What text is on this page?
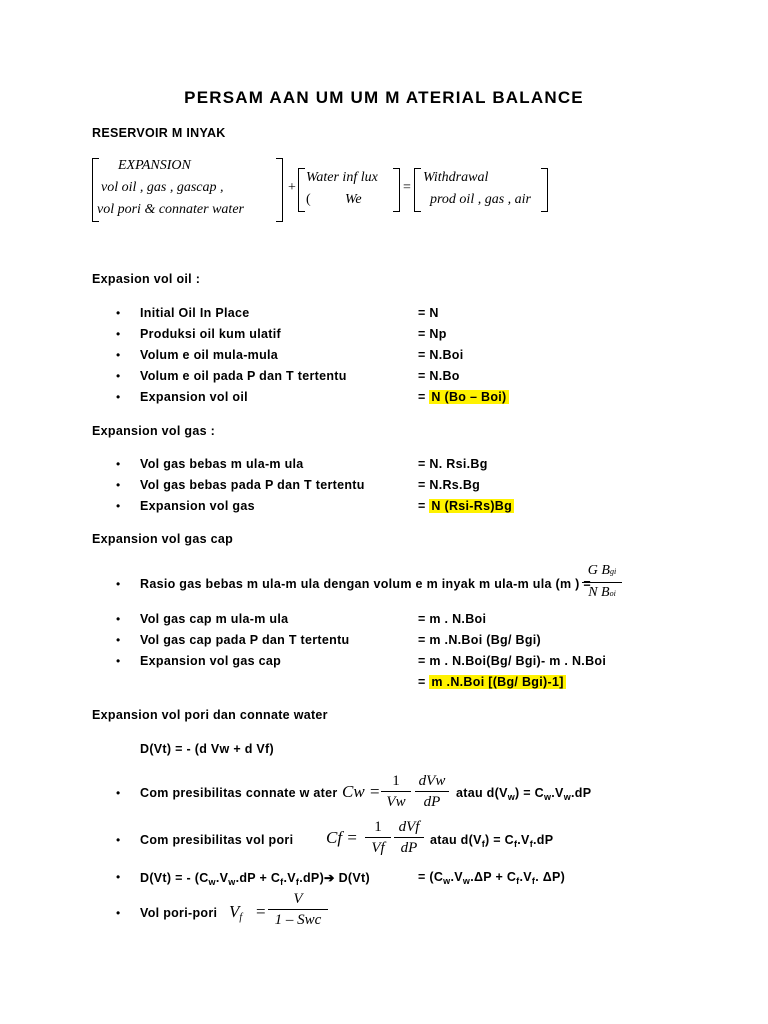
PERSAM AAN UM UM M ATERIAL BALANCE
RESERVOIR M INYAK
EXPANSION
vol oil , gas , gascap ,
vol pori & connater water
+
Water inf lux
( We
=
Withdrawal
prod oil , gas , air
Expasion vol oil :
• Initial Oil In Place	= N
• Produksi oil kum ulatif	= Np
• Volum e oil mula-mula	= N.Boi
• Volum e oil pada P dan T tertentu	= N.Bo
• Expansion vol oil	= N (Bo – Boi)
Expansion vol gas :
• Vol gas bebas m ula-m ula	= N. Rsi.Bg
• Vol gas bebas pada P dan T tertentu	= N.Rs.Bg
• Expansion vol gas	= N (Rsi-Rs)Bg
Expansion vol gas cap
• Rasio gas bebas m ula-m ula dengan volum e m inyak m ula-m ula (m ) =
G Bgi
N Boi
• Vol gas cap m ula-m ula	= m . N.Boi
• Vol gas cap pada P dan T tertentu	= m .N.Boi (Bg/ Bgi)
• Expansion vol gas cap	= m . N.Boi(Bg/ Bgi)- m . N.Boi
= m .N.Boi [(Bg/ Bgi)-1]
Expansion vol pori dan connate water
D(Vt) = - (d Vw + d Vf)
• Com presibilitas connate w ater Cw =
1
Vw
dVw
dP
atau $d(V_w) = C_w.V_w.dP$
• Com presibilitas vol pori Cf =
1
Vf
dVf
dP	atau $d(V_f) = C_f.V_f.dP$
• D(Vt) = - ($C_w.V_w.dP$ + $C_f.V_f.dP)➔$ D(Vt)	= ($C_w.V_w.\Delta P + C_f.V_f$. ΔP)
• Vol pori-pori $V_f$ =
V
1 – Swc
